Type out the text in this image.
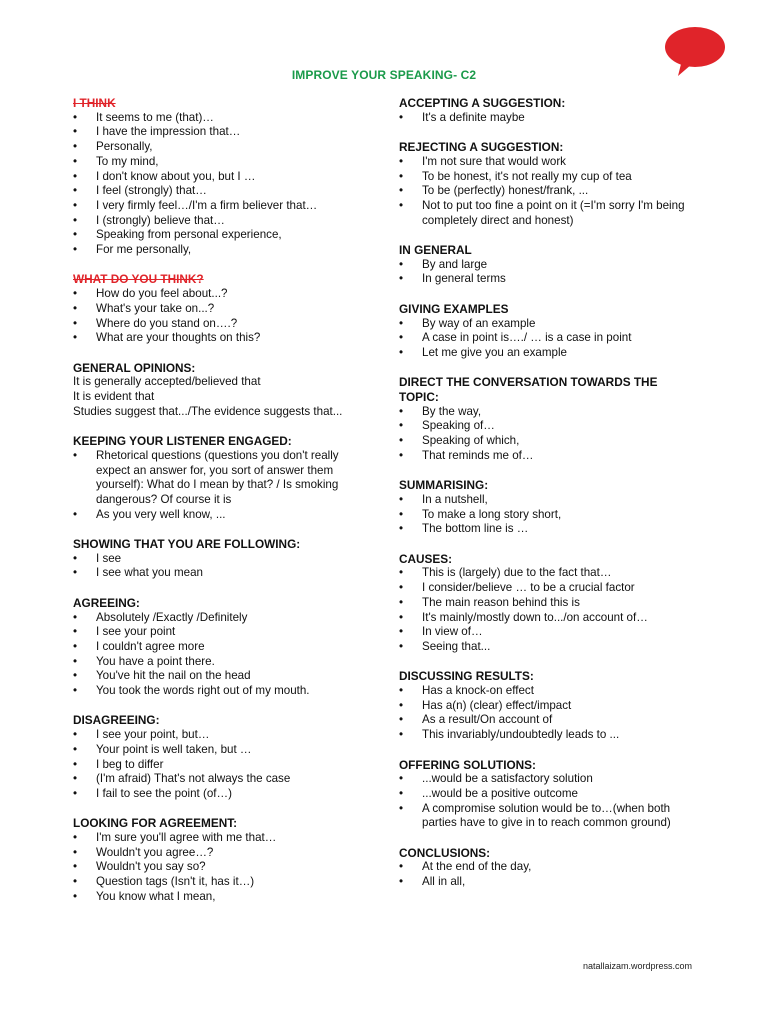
IMPROVE YOUR SPEAKING- C2
I THINK
• It seems to me (that)…
• I have the impression that…
• Personally,
• To my mind,
• I don't know about you, but I …
• I feel (strongly) that…
• I very firmly feel…/I'm a firm believer that…
• I (strongly) believe that…
• Speaking from personal experience,
• For me personally,
WHAT DO YOU THINK?
• How do you feel about...?
• What's your take on...?
• Where do you stand on….?
• What are your thoughts on this?
GENERAL OPINIONS:
It is generally accepted/believed that
It is evident that
Studies suggest that.../The evidence suggests that...
KEEPING YOUR LISTENER ENGAGED:
• Rhetorical questions (questions you don't really
expect an answer for, you sort of answer them
yourself): What do I mean by that? / Is smoking
dangerous? Of course it is
• As you very well know, ...
SHOWING THAT YOU ARE FOLLOWING:
• I see
• I see what you mean
AGREEING:
• Absolutely /Exactly /Definitely
• I see your point
• I couldn't agree more
• You have a point there.
• You've hit the nail on the head
• You took the words right out of my mouth.
DISAGREEING:
• I see your point, but…
• Your point is well taken, but …
• I beg to differ
• (I'm afraid) That's not always the case
• I fail to see the point (of…)
LOOKING FOR AGREEMENT:
• I'm sure you'll agree with me that…
• Wouldn't you agree…?
• Wouldn't you say so?
• Question tags (Isn't it, has it…)
• You know what I mean,
ACCEPTING A SUGGESTION:
• It's a definite maybe
REJECTING A SUGGESTION:
• I'm not sure that would work
• To be honest, it's not really my cup of tea
• To be (perfectly) honest/frank, ...
• Not to put too fine a point on it (=I'm sorry I'm being
completely direct and honest)
IN GENERAL
• By and large
• In general terms
GIVING EXAMPLES
• By way of an example
• A case in point is…./ … is a case in point
• Let me give you an example
DIRECT THE CONVERSATION TOWARDS THE
TOPIC:
• By the way,
• Speaking of…
• Speaking of which,
• That reminds me of…
SUMMARISING:
• In a nutshell,
• To make a long story short,
• The bottom line is …
CAUSES:
• This is (largely) due to the fact that…
• I consider/believe … to be a crucial factor
• The main reason behind this is
• It's mainly/mostly down to.../on account of…
• In view of…
• Seeing that...
DISCUSSING RESULTS:
• Has a knock-on effect
• Has a(n) (clear) effect/impact
• As a result/On account of
• This invariably/undoubtedly leads to ...
OFFERING SOLUTIONS:
• ...would be a satisfactory solution
• ...would be a positive outcome
• A compromise solution would be to…(when both
parties have to give in to reach common ground)
CONCLUSIONS:
• At the end of the day,
• All in all,
natallaizam.wordpress.com
